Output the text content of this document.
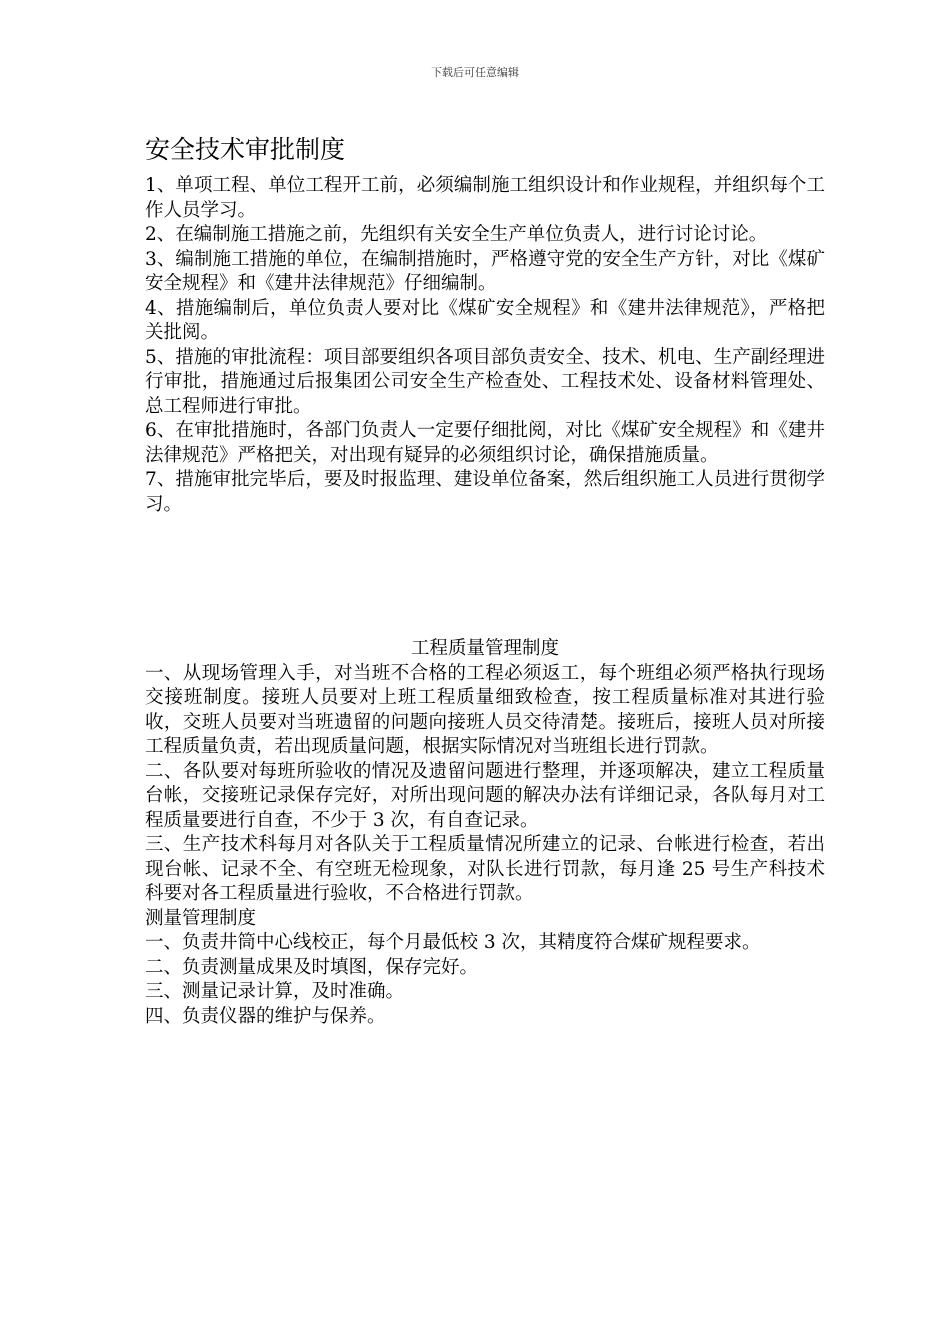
下载后可任意编辑
安全技术审批制度

1、单项工程、单位工程开工前，必须编制施工组织设计和作业规程，并组织每个工作人员学习。

2、在编制施工措施之前，先组织有关安全生产单位负责人，进行讨论讨论。

3、编制施工措施的单位，在编制措施时，严格遵守党的安全生产方针，对比《煤矿安全规程》和《建井法律规范》仔细编制。

4、措施编制后，单位负责人要对比《煤矿安全规程》和《建井法律规范》，严格把关批阅。

5、措施的审批流程：项目部要组织各项目部负责安全、技术、机电、生产副经理进行审批，措施通过后报集团公司安全生产检查处、工程技术处、设备材料管理处、总工程师进行审批。

6、在审批措施时，各部门负责人一定要仔细批阅，对比《煤矿安全规程》和《建井法律规范》严格把关，对出现有疑异的必须组织讨论，确保措施质量。

7、措施审批完毕后，要及时报监理、建设单位备案，然后组织施工人员进行贯彻学习。

工程质量管理制度

一、从现场管理入手，对当班不合格的工程必须返工，每个班组必须严格执行现场交接班制度。接班人员要对上班工程质量细致检查，按工程质量标准对其进行验收，交班人员要对当班遗留的问题向接班人员交待清楚。接班后，接班人员对所接工程质量负责，若出现质量问题，根据实际情况对当班组长进行罚款。

二、各队要对每班所验收的情况及遗留问题进行整理，并逐项解决，建立工程质量台帐，交接班记录保存完好，对所出现问题的解决办法有详细记录，各队每月对工程质量要进行自查，不少于 3 次，有自查记录。

三、生产技术科每月对各队关于工程质量情况所建立的记录、台帐进行检查，若出现台帐、记录不全、有空班无检现象，对队长进行罚款，每月逢 25 号生产科技术科要对各工程质量进行验收，不合格进行罚款。

测量管理制度

一、负责井筒中心线校正，每个月最低校 3 次，其精度符合煤矿规程要求。

二、负责测量成果及时填图，保存完好。

三、测量记录计算，及时准确。

四、负责仪器的维护与保养。
